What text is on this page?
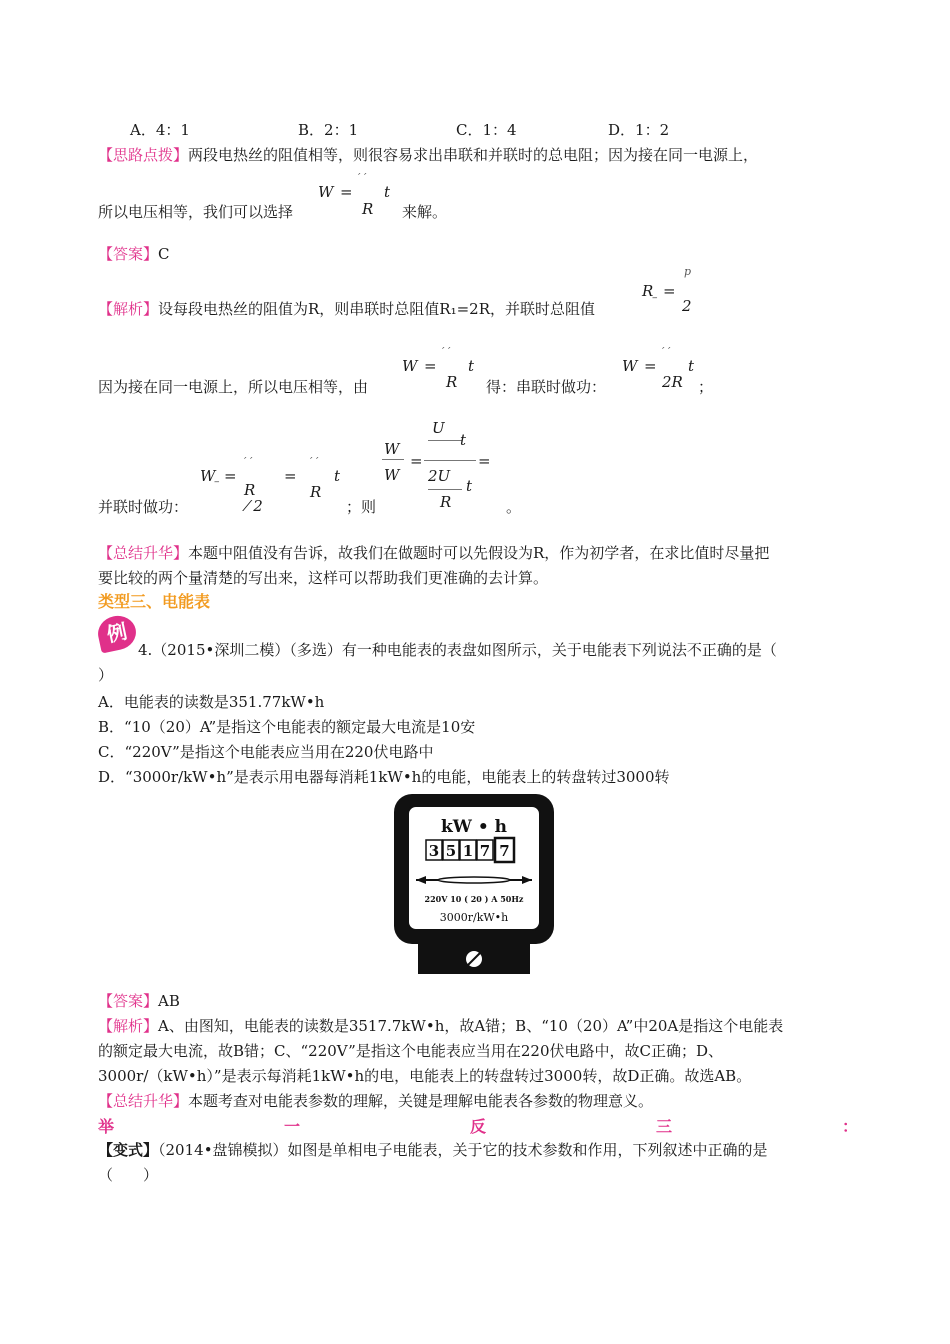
A．4：1	B．2：1	C．1：4	D．1：2
【思路点拨】两段电热丝的阻值相等，则很容易求出串联和并联时的总电阻；因为接在同一电源上，
所以电压相等，我们可以选择	来解。
W =
′ ′
R
t
【答案】C
【解析】设每段电热丝的阻值为R，则串联时总阻值R₁=2R，并联时总阻值
R
– =
p
2
因为接在同一电源上，所以电压相等，由
W =
′ ′
R
t
得：串联时做功：
W =
′ ′
2R
t
；
W
– =
′ ′
R
⁄ 2
=
′ ′
R
t
W
W
=
U
t
2U
t
R
=
并联时做功：	；则	。
【总结升华】本题中阻值没有告诉，故我们在做题时可以先假设为R，作为初学者，在求比值时尽量把
要比较的两个量清楚的写出来，这样可以帮助我们更准确的去计算。
类型三、电能表
例
4.（2015•深圳二模）（多选）有一种电能表的表盘如图所示，关于电能表下列说法不正确的是（
）
A．电能表的读数是351.77kW•h
B．“10（20）A”是指这个电能表的额定最大电流是10安
C．“220V”是指这个电能表应当用在220伏电路中
D．“3000r/kW•h”是表示用电器每消耗1kW•h的电能，电能表上的转盘转过3000转
kW • h
3 5 1 7 7
220V 10 ( 20 ) A 50Hz
3000r/kW•h
【答案】AB
【解析】A、由图知，电能表的读数是3517.7kW•h，故A错；B、“10（20）A”中20A是指这个电能表
的额定最大电流，故B错；C、“220V”是指这个电能表应当用在220伏电路中，故C正确；D、
3000r/（kW•h）”是表示每消耗1kW•h的电，电能表上的转盘转过3000转，故D正确。故选AB。
【总结升华】本题考查对电能表参数的理解，关键是理解电能表各参数的物理意义。
举	一	反	三	：
【变式】（2014•盘锦模拟）如图是单相电子电能表，关于它的技术参数和作用，下列叙述中正确的是
（　　）
